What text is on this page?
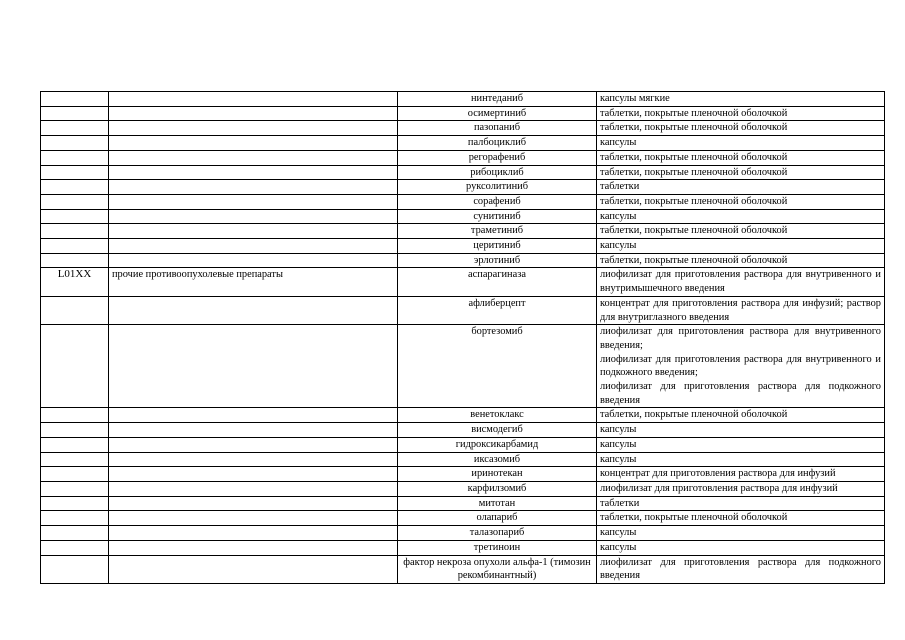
		нинтеданиб	капсулы мягкие

		осимертиниб	таблетки, покрытые пленочной оболочкой

		пазопаниб	таблетки, покрытые пленочной оболочкой

		палбоциклиб	капсулы

		регорафениб	таблетки, покрытые пленочной оболочкой

		рибоциклиб	таблетки, покрытые пленочной оболочкой

		руксолитиниб	таблетки

		сорафениб	таблетки, покрытые пленочной оболочкой

		сунитиниб	капсулы

		траметиниб	таблетки, покрытые пленочной оболочкой

		церитиниб	капсулы

		эрлотиниб	таблетки, покрытые пленочной оболочкой

L01XX	прочие противоопухолевые препараты	аспарагиназа	лиофилизат для приготовления раствора для внутривенного и внутримышечного введения

		афлиберцепт	концентрат для приготовления раствора для инфузий; раствор для внутриглазного введения

		бортезомиб	лиофилизат для приготовления раствора для внутривенного введения;
лиофилизат для приготовления раствора для внутривенного и подкожного введения;
лиофилизат для приготовления раствора для подкожного введения

		венетоклакс	таблетки, покрытые пленочной оболочкой

		висмодегиб	капсулы

		гидроксикарбамид	капсулы

		иксазомиб	капсулы

		иринотекан	концентрат для приготовления раствора для инфузий

		карфилзомиб	лиофилизат для приготовления раствора для инфузий

		митотан	таблетки

		олапариб	таблетки, покрытые пленочной оболочкой

		талазопариб	капсулы

		третиноин	капсулы

		фактор некроза опухоли альфа-1 (тимозин рекомбинантный)	лиофилизат для приготовления раствора для подкожного введения
